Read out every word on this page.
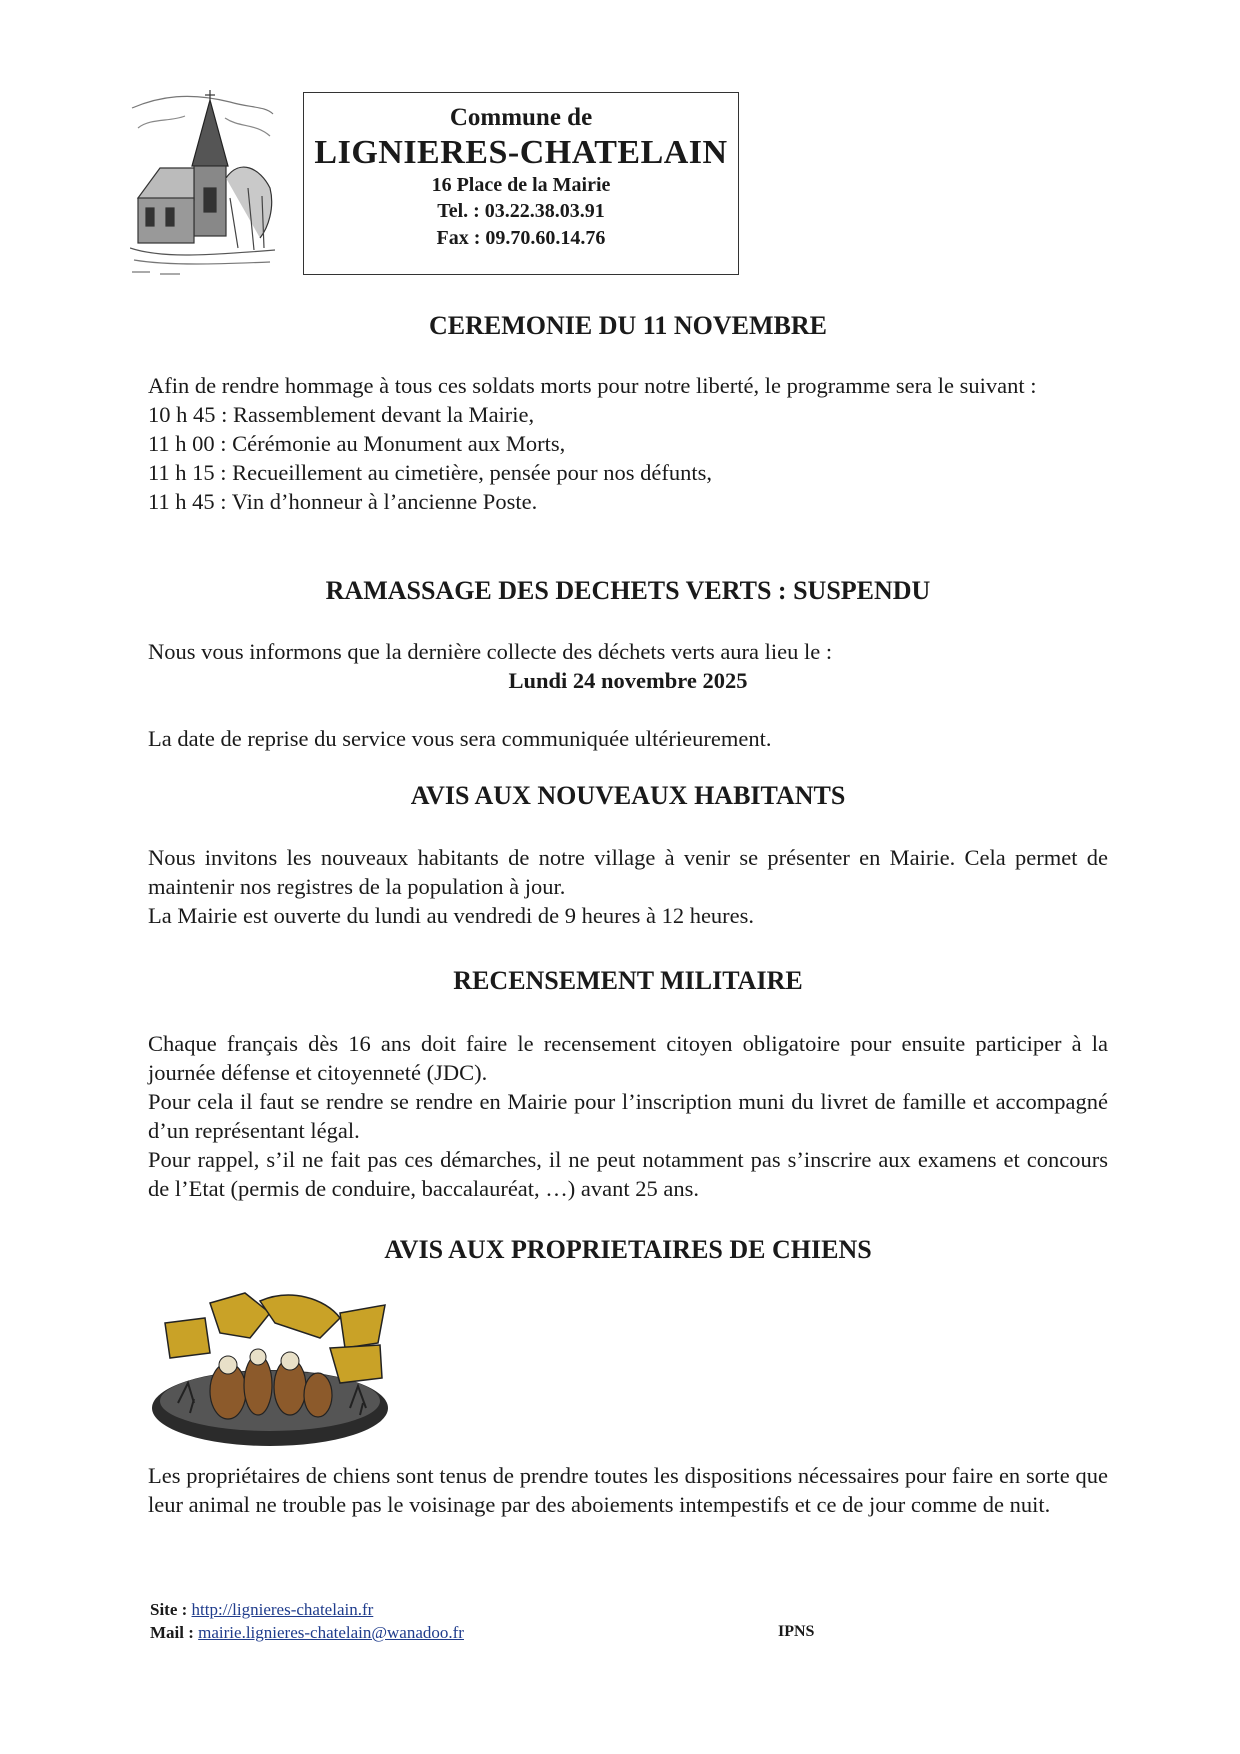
Commune de
LIGNIERES-CHATELAIN
16 Place de la Mairie
Tel. : 03.22.38.03.91
Fax : 09.70.60.14.76
CEREMONIE DU 11 NOVEMBRE

Afin de rendre hommage à tous ces soldats morts pour notre liberté, le programme sera le suivant :

10 h 45 : Rassemblement devant la Mairie,

11 h 00 : Cérémonie au Monument aux Morts,

11 h 15 : Recueillement au cimetière, pensée pour nos défunts,

11 h 45 : Vin d’honneur à l’ancienne Poste.

RAMASSAGE DES DECHETS VERTS : SUSPENDU

Nous vous informons que la dernière collecte des déchets verts aura lieu le :

Lundi 24 novembre 2025

La date de reprise du service vous sera communiquée ultérieurement.

AVIS AUX NOUVEAUX HABITANTS

Nous invitons les nouveaux habitants de notre village à venir se présenter en Mairie. Cela permet de maintenir nos registres de la population à jour.

La Mairie est ouverte du lundi au vendredi de 9 heures à 12 heures.

RECENSEMENT MILITAIRE

Chaque français dès 16 ans doit faire le recensement citoyen obligatoire pour ensuite participer à la journée défense et citoyenneté (JDC).

Pour cela il faut se rendre se rendre en Mairie pour l’inscription muni du livret de famille et accompagné d’un représentant légal.

Pour rappel, s’il ne fait pas ces démarches, il ne peut notamment pas s’inscrire aux examens et concours de l’Etat (permis de conduire, baccalauréat, …) avant 25 ans.

AVIS AUX PROPRIETAIRES DE CHIENS

Les propriétaires de chiens sont tenus de prendre toutes les dispositions nécessaires pour faire en sorte que leur animal ne trouble pas le voisinage par des aboiements intempestifs et ce de jour comme de nuit.

Site : http://lignieres-chatelain.fr
Mail : mairie.lignieres-chatelain@wanadoo.fr	IPNS
